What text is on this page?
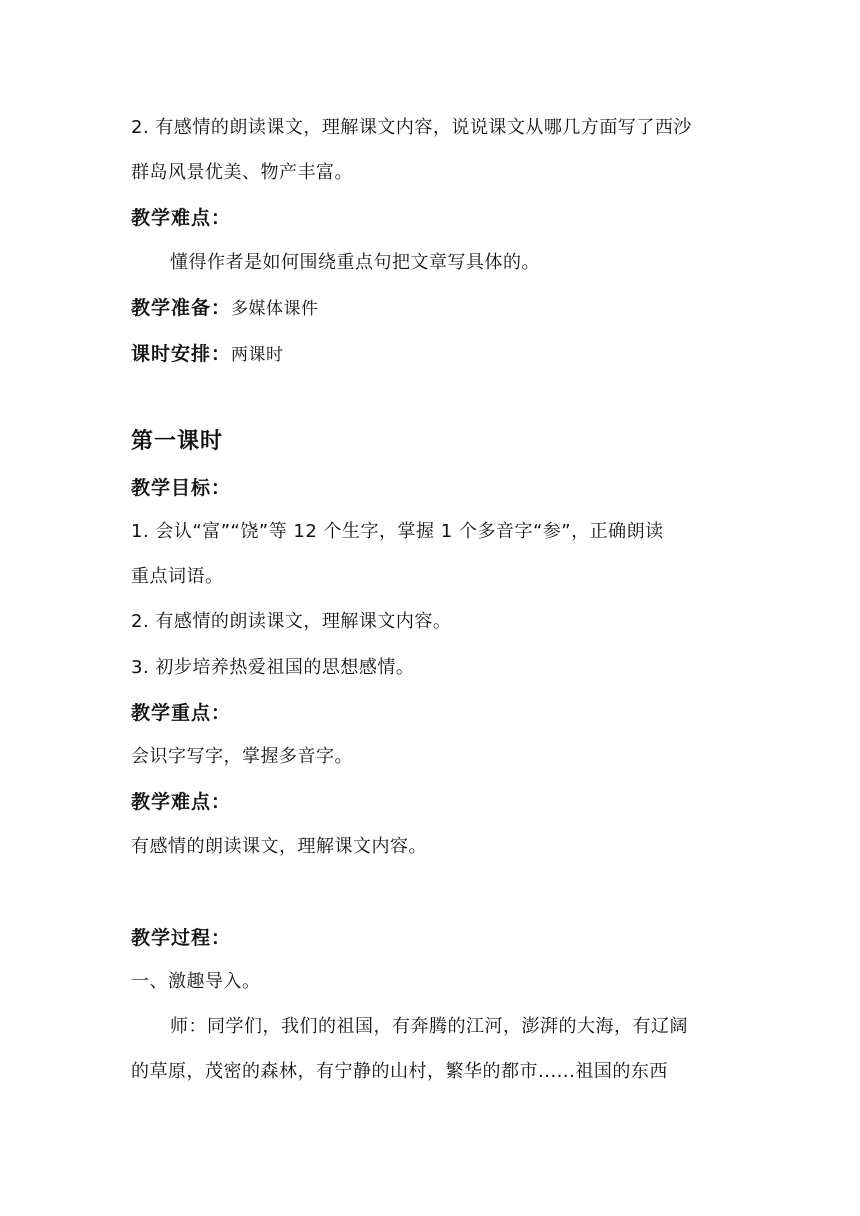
2. 有感情的朗读课文，理解课文内容，说说课文从哪几方面写了西沙
群岛风景优美、物产丰富。
教学难点：
懂得作者是如何围绕重点句把文章写具体的。
教学准备：多媒体课件
课时安排：两课时
第一课时
教学目标：
1. 会认“富”“饶”等 12 个生字，掌握 1 个多音字“参”，正确朗读
重点词语。
2. 有感情的朗读课文，理解课文内容。
3. 初步培养热爱祖国的思想感情。
教学重点：
会识字写字，掌握多音字。
教学难点：
有感情的朗读课文，理解课文内容。
教学过程：
一、激趣导入。
师：同学们，我们的祖国，有奔腾的江河，澎湃的大海，有辽阔
的草原，茂密的森林，有宁静的山村，繁华的都市......祖国的东西
